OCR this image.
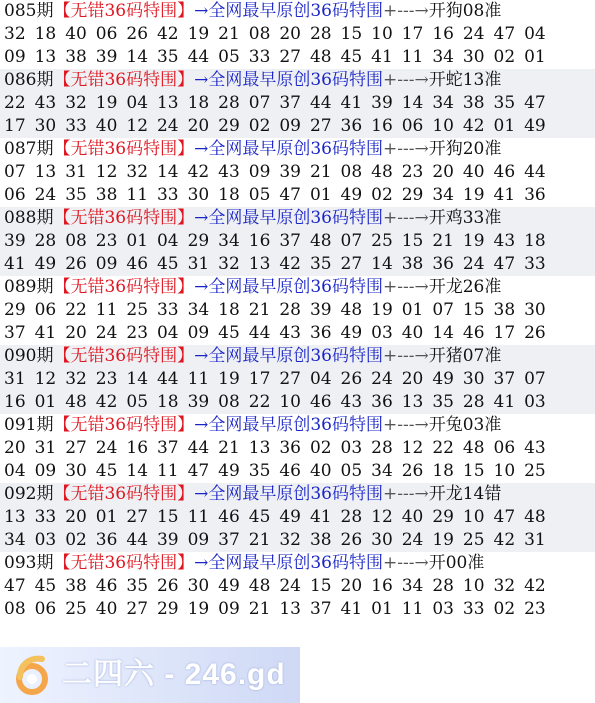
085期【无错36码特围】→全网最早原创36码特围+---→开狗08准
32 18 40 06 26 42 19 21 08 20 28 15 10 17 16 24 47 04
09 13 38 39 14 35 44 05 33 27 48 45 41 11 34 30 02 01
086期【无错36码特围】→全网最早原创36码特围+---→开蛇13准
22 43 32 19 04 13 18 28 07 37 44 41 39 14 34 38 35 47
17 30 33 40 12 24 20 29 02 09 27 36 16 06 10 42 01 49
087期【无错36码特围】→全网最早原创36码特围+---→开狗20准
07 13 31 12 32 14 42 43 09 39 21 08 48 23 20 40 46 44
06 24 35 38 11 33 30 18 05 47 01 49 02 29 34 19 41 36
088期【无错36码特围】→全网最早原创36码特围+---→开鸡33准
39 28 08 23 01 04 29 34 16 37 48 07 25 15 21 19 43 18
41 49 26 09 46 45 31 32 13 42 35 27 14 38 36 24 47 33
089期【无错36码特围】→全网最早原创36码特围+---→开龙26准
29 06 22 11 25 33 34 18 21 28 39 48 19 01 07 15 38 30
37 41 20 24 23 04 09 45 44 43 36 49 03 40 14 46 17 26
090期【无错36码特围】→全网最早原创36码特围+---→开猪07准
31 12 32 23 14 44 11 19 17 27 04 26 24 20 49 30 37 07
16 01 48 42 05 18 39 08 22 10 46 43 36 13 35 28 41 03
091期【无错36码特围】→全网最早原创36码特围+---→开兔03准
20 31 27 24 16 37 44 21 13 36 02 03 28 12 22 48 06 43
04 09 30 45 14 11 47 49 35 46 40 05 34 26 18 15 10 25
092期【无错36码特围】→全网最早原创36码特围+---→开龙14错
13 33 20 01 27 15 11 46 45 49 41 28 12 40 29 10 47 48
34 03 02 36 44 39 09 37 21 32 38 26 30 24 19 25 42 31
093期【无错36码特围】→全网最早原创36码特围+---→开00准
47 45 38 46 35 26 30 49 48 24 15 20 16 34 28 10 32 42
08 06 25 40 27 29 19 09 21 13 37 41 01 11 03 33 02 23
二四六 - 246.gd
